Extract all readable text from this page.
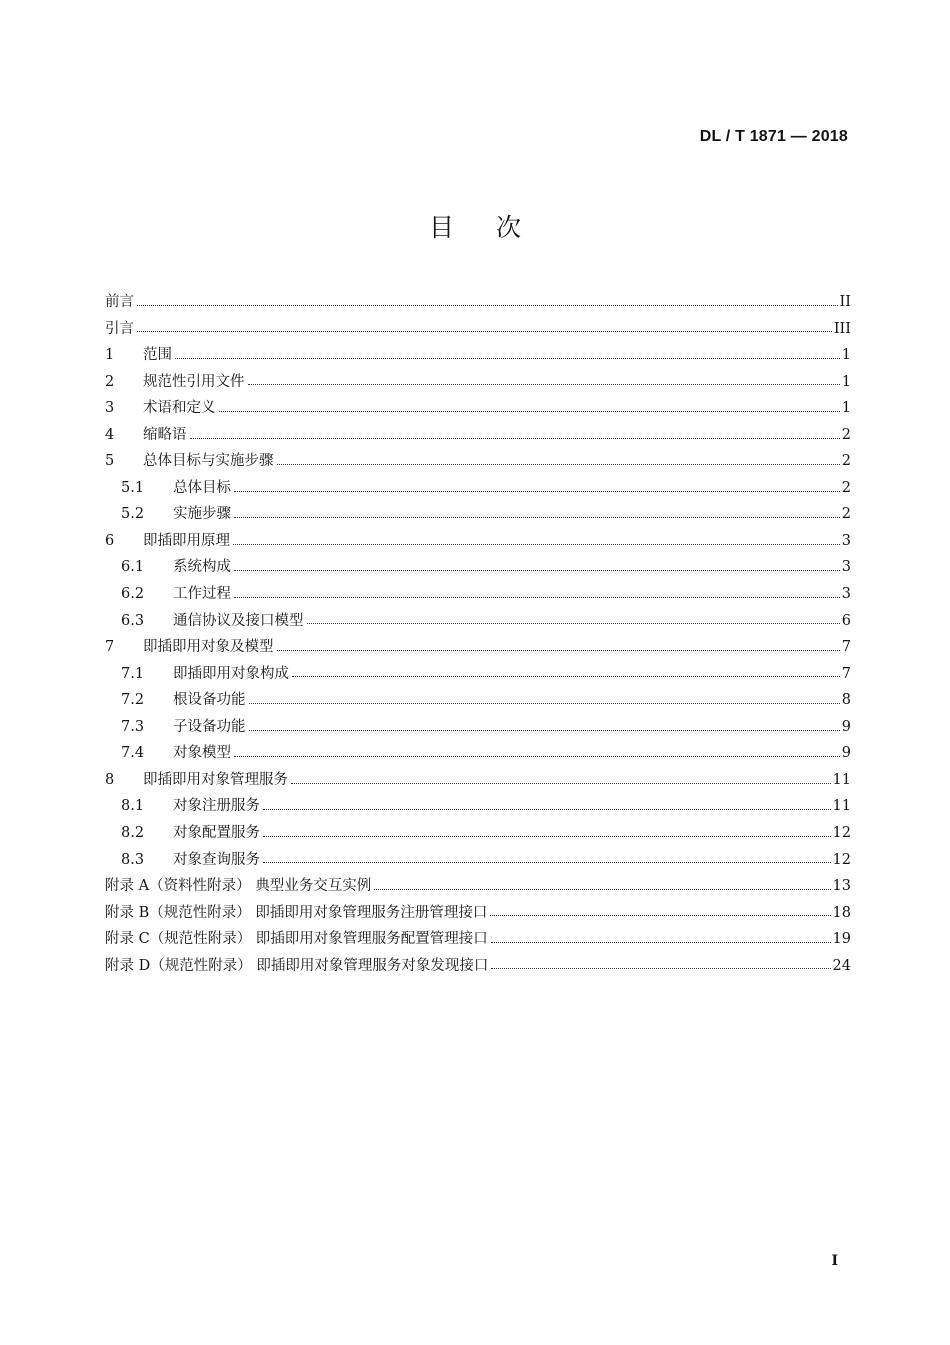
DL / T 1871 — 2018
目次
前言	II
引言	III
1	范围	1
2	规范性引用文件	1
3	术语和定义	1
4	缩略语	2
5	总体目标与实施步骤	2
5.1	总体目标	2
5.2	实施步骤	2
6	即插即用原理	3
6.1	系统构成	3
6.2	工作过程	3
6.3	通信协议及接口模型	6
7	即插即用对象及模型	7
7.1	即插即用对象构成	7
7.2	根设备功能	8
7.3	子设备功能	9
7.4	对象模型	9
8	即插即用对象管理服务	11
8.1	对象注册服务	11
8.2	对象配置服务	12
8.3	对象查询服务	12
附录 A（资料性附录） 典型业务交互实例	13
附录 B（规范性附录） 即插即用对象管理服务注册管理接口	18
附录 C（规范性附录） 即插即用对象管理服务配置管理接口	19
附录 D（规范性附录） 即插即用对象管理服务对象发现接口	24
I
